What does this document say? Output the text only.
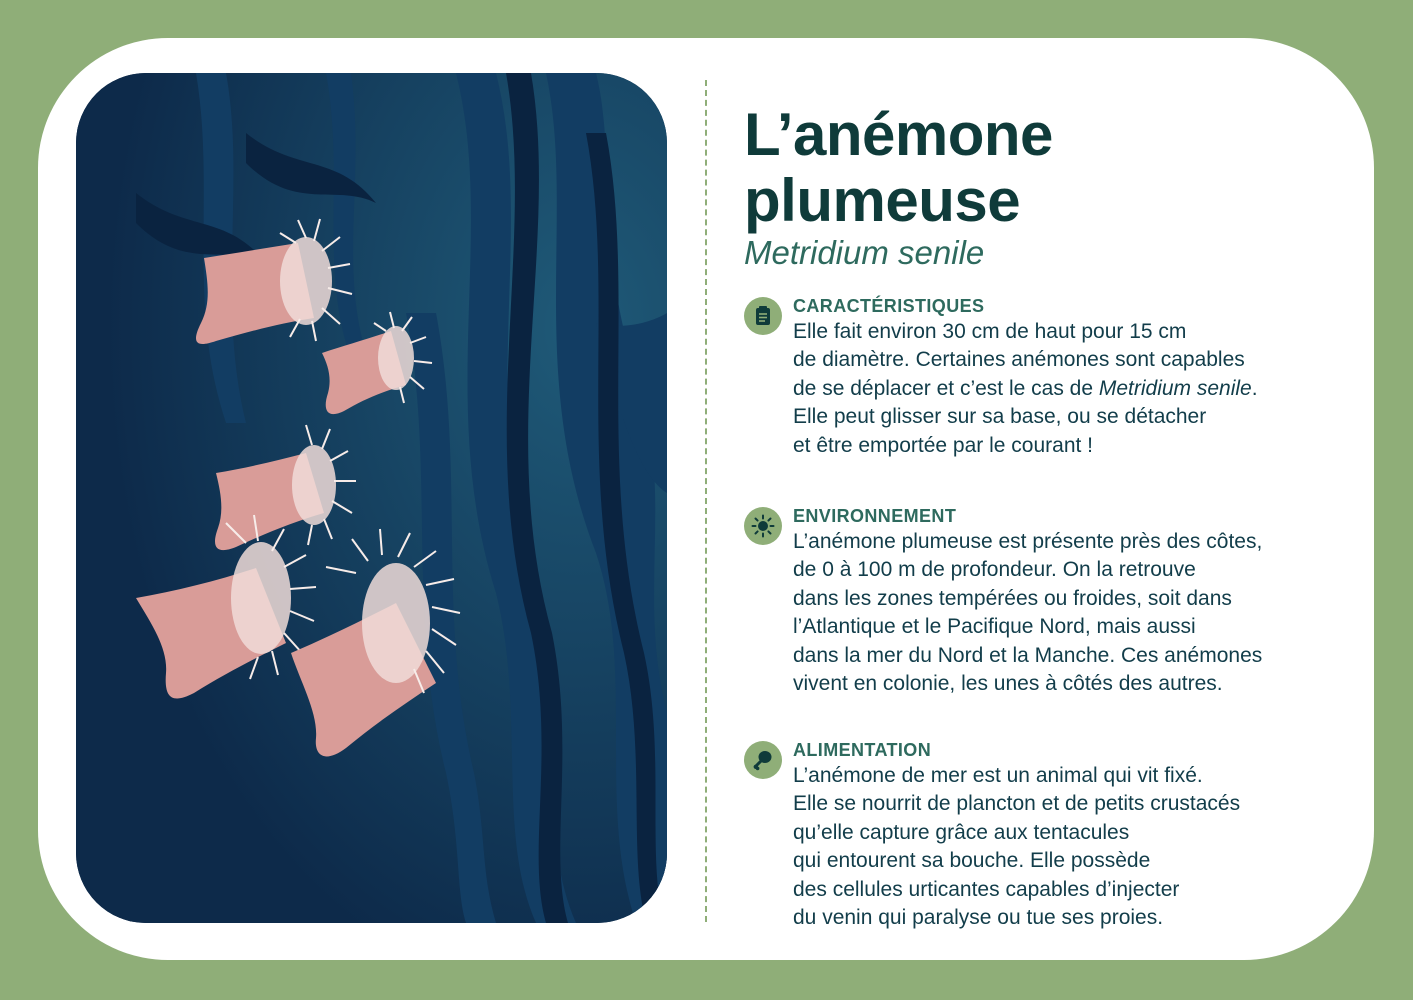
L’anémone
plumeuse
Metridium senile
CARACTÉRISTIQUES
Elle fait environ 30 cm de haut pour 15 cm
de diamètre. Certaines anémones sont capables
de se déplacer et c’est le cas de Metridium senile.
Elle peut glisser sur sa base, ou se détacher
et être emportée par le courant !
ENVIRONNEMENT
L’anémone plumeuse est présente près des côtes,
de 0 à 100 m de profondeur. On la retrouve
dans les zones tempérées ou froides, soit dans
l’Atlantique et le Pacifique Nord, mais aussi
dans la mer du Nord et la Manche. Ces anémones
vivent en colonie, les unes à côtés des autres.
ALIMENTATION
L’anémone de mer est un animal qui vit fixé.
Elle se nourrit de plancton et de petits crustacés
qu’elle capture grâce aux tentacules
qui entourent sa bouche. Elle possède
des cellules urticantes capables d’injecter
du venin qui paralyse ou tue ses proies.
